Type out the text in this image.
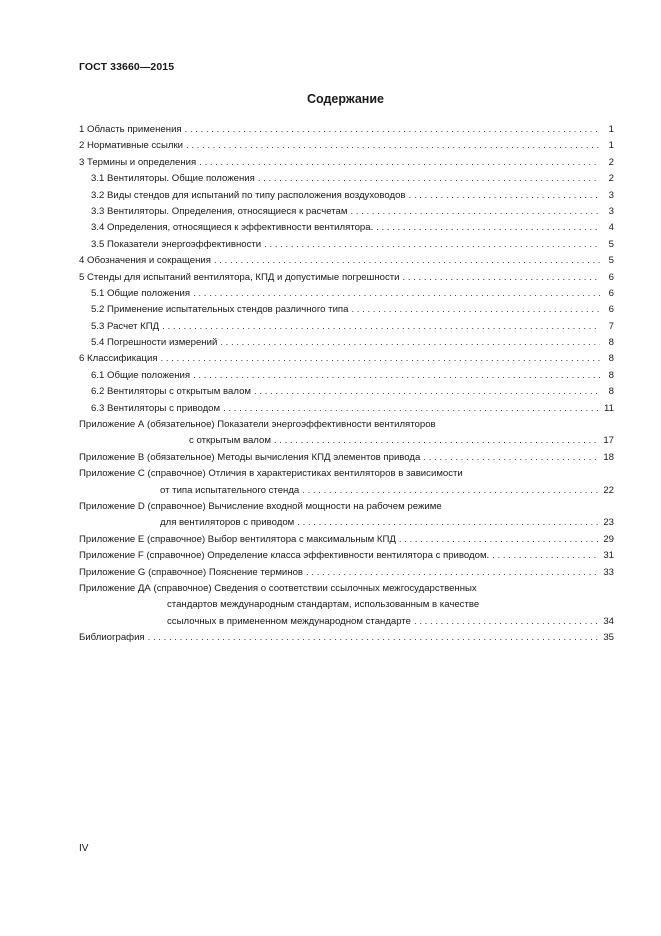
ГОСТ 33660—2015
Содержание
1 Область применения . . .	1
2 Нормативные ссылки . . .	1
3 Термины и определения . . .	2
3.1 Вентиляторы. Общие положения . . .	2
3.2 Виды стендов для испытаний по типу расположения воздуховодов . . .	3
3.3 Вентиляторы. Определения, относящиеся к расчетам . . .	3
3.4 Определения, относящиеся к эффективности вентилятора. . . .	4
3.5 Показатели энергоэффективности . . .	5
4 Обозначения и сокращения . . .	5
5 Стенды для испытаний вентилятора, КПД и допустимые погрешности . . .	6
5.1 Общие положения . . .	6
5.2 Применение испытательных стендов различного типа . . .	6
5.3 Расчет КПД . . .	7
5.4 Погрешности измерений . . .	8
6 Классификация . . .	8
6.1 Общие положения . . .	8
6.2 Вентиляторы с открытым валом . . .	8
6.3 Вентиляторы с приводом . . .	11
Приложение А (обязательное) Показатели энергоэффективности вентиляторов
с открытым валом . . .	17
Приложение В (обязательное) Методы вычисления КПД элементов привода . . .	18
Приложение С (справочное) Отличия в характеристиках вентиляторов в зависимости
от типа испытательного стенда . . .	22
Приложение D (справочное) Вычисление входной мощности на рабочем режиме
для вентиляторов с приводом . . .	23
Приложение Е (справочное) Выбор вентилятора с максимальным КПД . . .	29
Приложение F (справочное) Определение класса эффективности вентилятора с приводом. . . .	31
Приложение G (справочное) Пояснение терминов . . .	33
Приложение ДА (справочное) Сведения о соответствии ссылочных межгосударственных
стандартов международным стандартам, использованным в качестве
ссылочных в примененном международном стандарте . . .	34
Библиография . . .	35
IV
